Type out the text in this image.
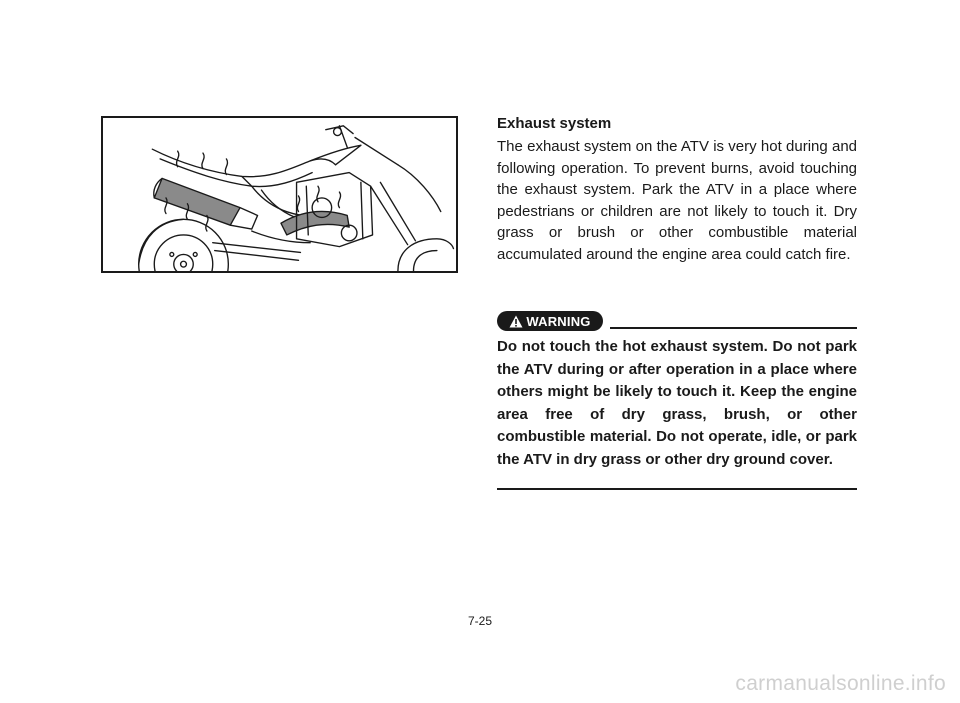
Exhaust system

The exhaust system on the ATV is very hot during and following operation. To prevent burns, avoid touching the exhaust system. Park the ATV in a place where pedestrians or children are not likely to touch it. Dry grass or brush or other combustible material accumulated around the engine area could catch fire.

WARNING

Do not touch the hot exhaust system. Do not park the ATV during or after operation in a place where others might be likely to touch it. Keep the engine area free of dry grass, brush, or other combustible material. Do not operate, idle, or park the ATV in dry grass or other dry ground cover.

7-25
carmanualsonline.info
